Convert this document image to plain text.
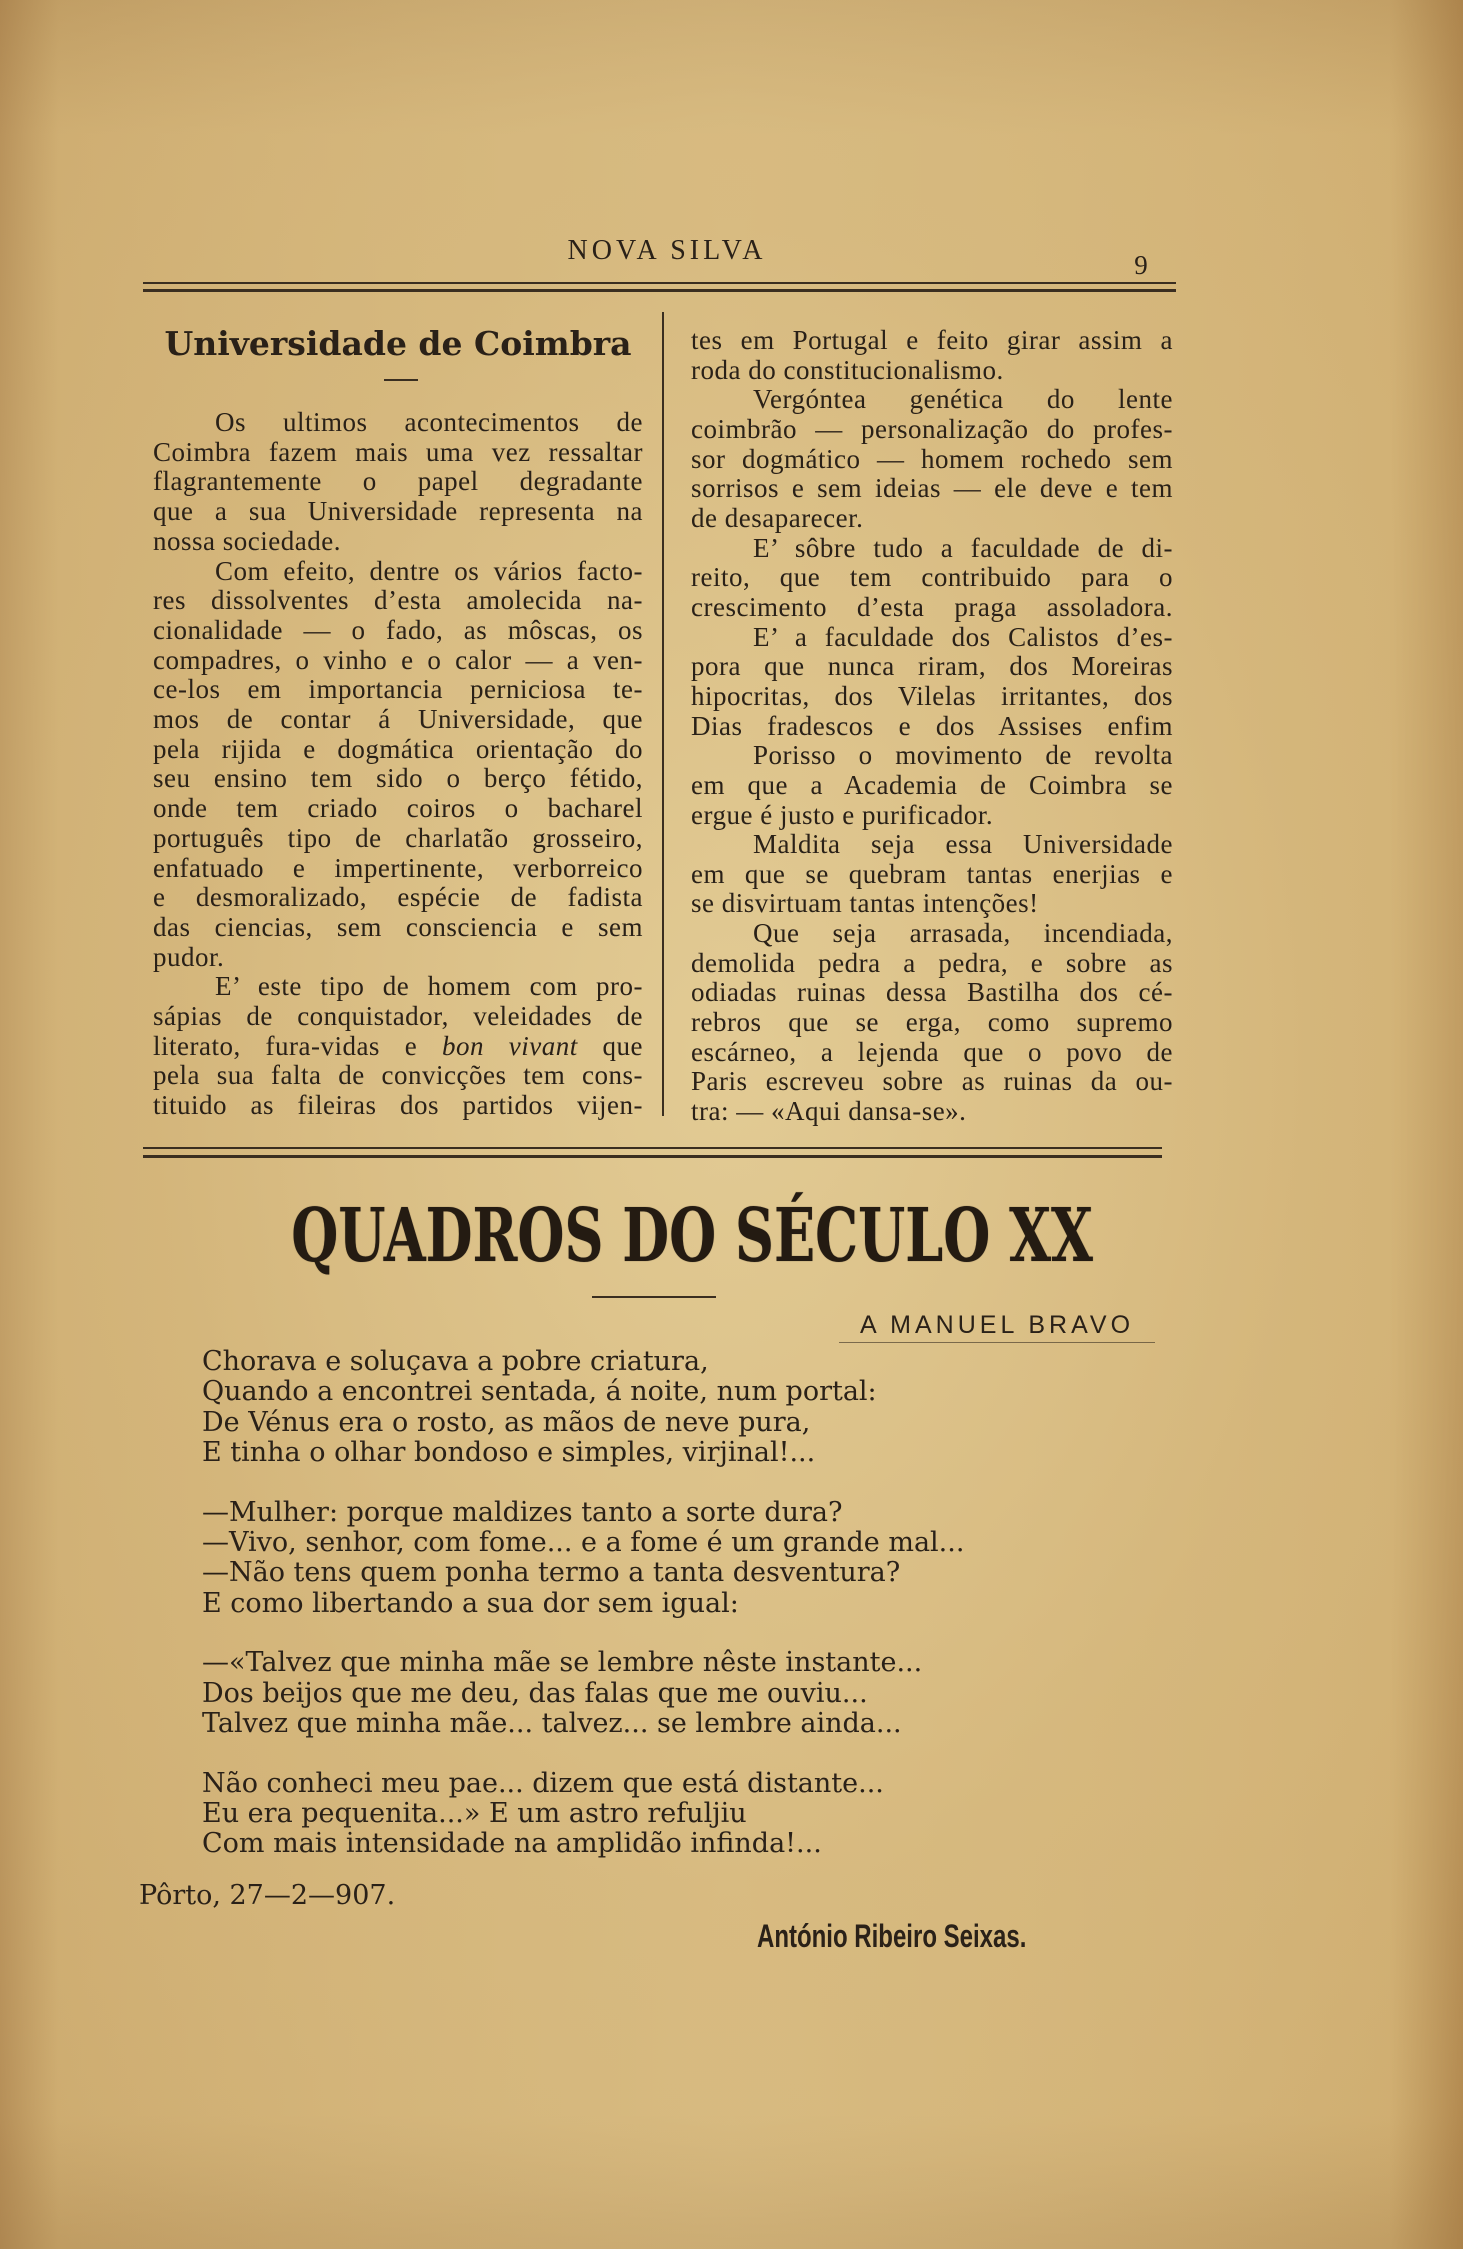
NOVA SILVA	9
Universidade de Coimbra
Os ultimos acontecimentos de
Coimbra fazem mais uma vez ressaltar
flagrantemente o papel degradante
que a sua Universidade representa na
nossa sociedade.
Com efeito, dentre os vários facto-
res dissolventes d’esta amolecida na-
cionalidade — o fado, as môscas, os
compadres, o vinho e o calor — a ven-
ce-los em importancia perniciosa te-
mos de contar á Universidade, que
pela rijida e dogmática orientação do
seu ensino tem sido o berço fétido,
onde tem criado coiros o bacharel
português tipo de charlatão grosseiro,
enfatuado e impertinente, verborreico
e desmoralizado, espécie de fadista
das ciencias, sem consciencia e sem
pudor.
E’ este tipo de homem com pro-
sápias de conquistador, veleidades de
literato, fura-vidas e bon vivant que
pela sua falta de convicções tem cons-
tituido as fileiras dos partidos vijen-
tes em Portugal e feito girar assim a
roda do constitucionalismo.
Vergóntea genética do lente
coimbrão — personalização do profes-
sor dogmático — homem rochedo sem
sorrisos e sem ideias — ele deve e tem
de desaparecer.
E’ sôbre tudo a faculdade de di-
reito, que tem contribuido para o
crescimento d’esta praga assoladora.
E’ a faculdade dos Calistos d’es-
pora que nunca riram, dos Moreiras
hipocritas, dos Vilelas irritantes, dos
Dias fradescos e dos Assises enfim
Porisso o movimento de revolta
em que a Academia de Coimbra se
ergue é justo e purificador.
Maldita seja essa Universidade
em que se quebram tantas enerjias e
se disvirtuam tantas intenções!
Que seja arrasada, incendiada,
demolida pedra a pedra, e sobre as
odiadas ruinas dessa Bastilha dos cé-
rebros que se erga, como supremo
escárneo, a lejenda que o povo de
Paris escreveu sobre as ruinas da ou-
tra: — «Aqui dansa-se».
QUADROS DO SÉCULO XX
A MANUEL BRAVO
Chorava e soluçava a pobre criatura,
Quando a encontrei sentada, á noite, num portal:
De Vénus era o rosto, as mãos de neve pura,
E tinha o olhar bondoso e simples, virjinal!...
—Mulher: porque maldizes tanto a sorte dura?
—Vivo, senhor, com fome... e a fome é um grande mal...
—Não tens quem ponha termo a tanta desventura?
E como libertando a sua dor sem igual:
—«Talvez que minha mãe se lembre nêste instante...
Dos beijos que me deu, das falas que me ouviu...
Talvez que minha mãe... talvez... se lembre ainda...
Não conheci meu pae... dizem que está distante...
Eu era pequenita...» E um astro refuljiu
Com mais intensidade na amplidão infinda!...
Pôrto, 27—2—907.
António Ribeiro Seixas.
